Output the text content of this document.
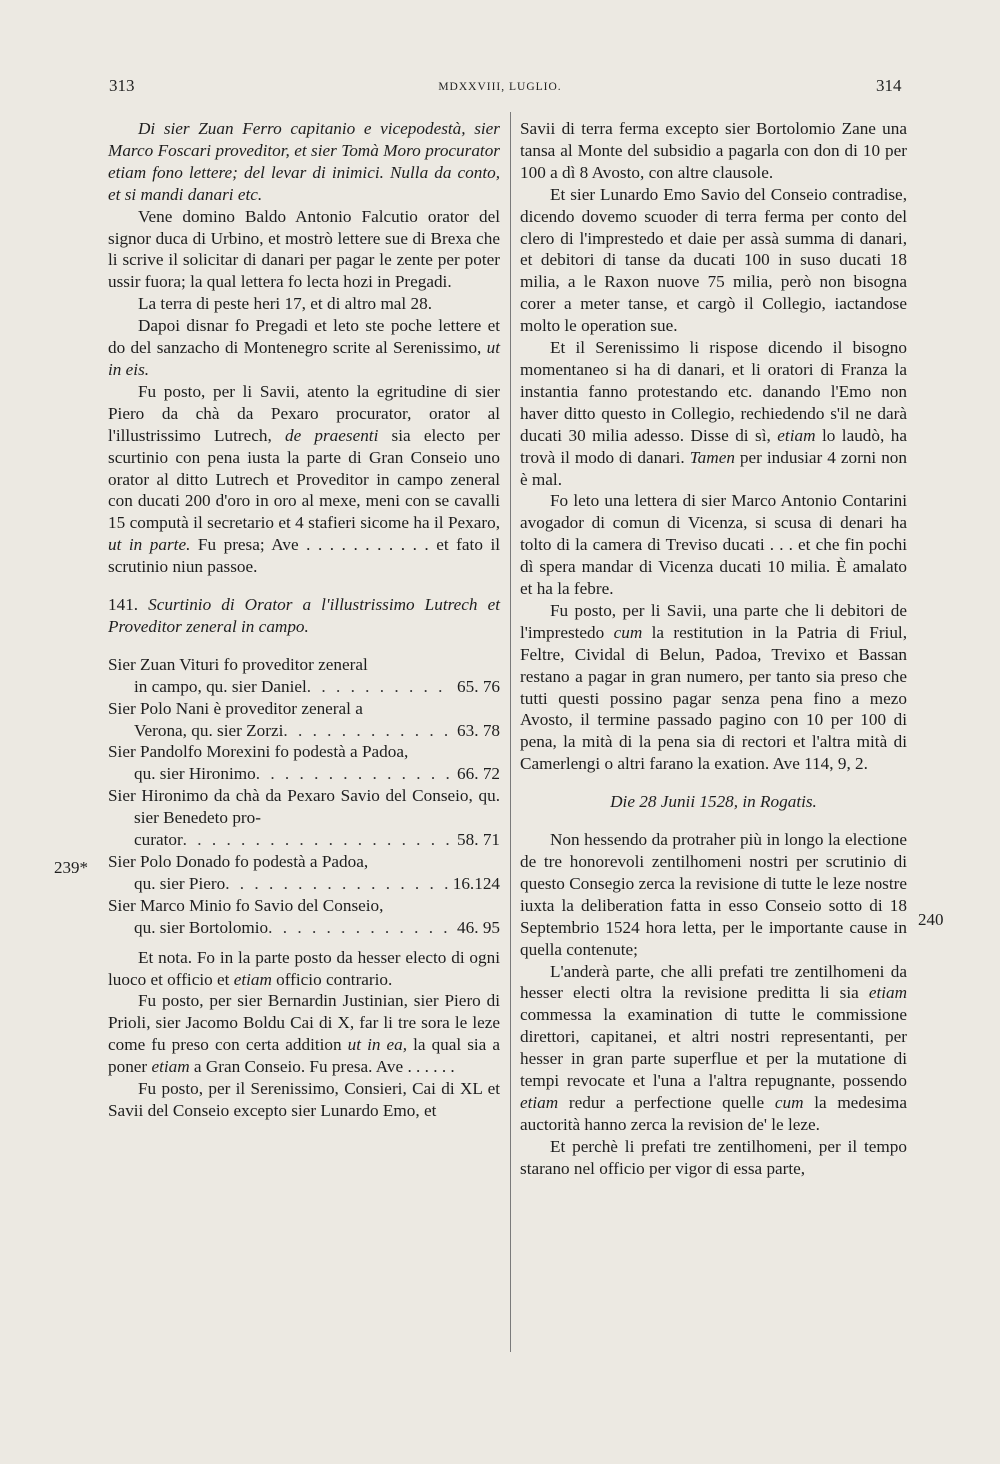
313	MDXXVIII, LUGLIO.	314
239*
240

Di sier Zuan Ferro capitanio e vicepodestà, sier Marco Foscari proveditor, et sier Tomà Moro procurator etiam fono lettere; del levar di inimici. Nulla da conto, et si mandi danari etc.

Vene domino Baldo Antonio Falcutio orator del signor duca di Urbino, et mostrò lettere sue di Brexa che li scrive il solicitar di danari per pagar le zente per poter ussir fuora; la qual lettera fo lecta hozi in Pregadi.

La terra di peste heri 17, et di altro mal 28.

Dapoi disnar fo Pregadi et leto ste poche lettere et do del sanzacho di Montenegro scrite al Serenissimo, ut in eis.

Fu posto, per li Savii, atento la egritudine di sier Piero da chà da Pexaro procurator, orator al l'illustrissimo Lutrech, de praesenti sia electo per scurtinio con pena iusta la parte di Gran Conseio uno orator al ditto Lutrech et Proveditor in campo zeneral con ducati 200 d'oro in oro al mexe, meni con se cavalli 15 computà il secretario et 4 stafieri sicome ha il Pexaro, ut in parte. Fu presa; Ave . . . . . . . . . . . et fato il scrutinio niun passoe.

141. Scurtinio di Orator a l'illustrissimo Lutrech et Proveditor zeneral in campo.

Sier Zuan Vituri fo proveditor zeneral
in campo, qu. sier Daniel . . .	65. 76
Sier Polo Nani è proveditor zeneral a
Verona, qu. sier Zorzi . . .	63. 78
Sier Pandolfo Morexini fo podestà a Padoa,
qu. sier Hironimo . . .	66. 72
Sier Hironimo da chà da Pexaro Savio del Conseio, qu. sier Benedeto pro-
curator . . .	58. 71
Sier Polo Donado fo podestà a Padoa,
qu. sier Piero . . .	16.124
Sier Marco Minio fo Savio del Conseio,
qu. sier Bortolomio . . .	46. 95

Et nota. Fo in la parte posto da hesser electo di ogni luoco et officio et etiam officio contrario.

Fu posto, per sier Bernardin Justinian, sier Piero di Prioli, sier Jacomo Boldu Cai di X, far li tre sora le leze come fu preso con certa addition ut in ea, la qual sia a poner etiam a Gran Conseio. Fu presa. Ave . . . . . .

Fu posto, per il Serenissimo, Consieri, Cai di XL et Savii del Conseio excepto sier Lunardo Emo, et

Savii di terra ferma excepto sier Bortolomio Zane una tansa al Monte del subsidio a pagarla con don di 10 per 100 a dì 8 Avosto, con altre clausole.

Et sier Lunardo Emo Savio del Conseio contradise, dicendo dovemo scuoder di terra ferma per conto del clero di l'imprestedo et daie per assà summa di danari, et debitori di tanse da ducati 100 in suso ducati 18 milia, a le Raxon nuove 75 milia, però non bisogna corer a meter tanse, et cargò il Collegio, iactandose molto le operation sue.

Et il Serenissimo li rispose dicendo il bisogno momentaneo si ha di danari, et li oratori di Franza la instantia fanno protestando etc. danando l'Emo non haver ditto questo in Collegio, rechiedendo s'il ne darà ducati 30 milia adesso. Disse di sì, etiam lo laudò, ha trovà il modo di danari. Tamen per indusiar 4 zorni non è mal.

Fo leto una lettera di sier Marco Antonio Contarini avogador di comun di Vicenza, si scusa di denari ha tolto di la camera di Treviso ducati . . . et che fin pochi dì spera mandar di Vicenza ducati 10 milia. È amalato et ha la febre.

Fu posto, per li Savii, una parte che li debitori de l'imprestedo cum la restitution in la Patria di Friul, Feltre, Cividal di Belun, Padoa, Trevixo et Bassan restano a pagar in gran numero, per tanto sia preso che tutti questi possino pagar senza pena fino a mezo Avosto, il termine passado pagino con 10 per 100 di pena, la mità di la pena sia di rectori et l'altra mità di Camerlengi o altri farano la exation. Ave 114, 9, 2.

Die 28 Junii 1528, in Rogatis.

Non hessendo da protraher più in longo la electione de tre honorevoli zentilhomeni nostri per scrutinio di questo Consegio zerca la revisione di tutte le leze nostre iuxta la deliberation fatta in esso Conseio sotto di 18 Septembrio 1524 hora letta, per le importante cause in quella contenute;

L'anderà parte, che alli prefati tre zentilhomeni da hesser electi oltra la revisione preditta li sia etiam commessa la examination di tutte le commissione direttori, capitanei, et altri nostri representanti, per hesser in gran parte superflue et per la mutatione di tempi revocate et l'una a l'altra repugnante, possendo etiam redur a perfectione quelle cum la medesima auctorità hanno zerca la revision de' le leze.

Et perchè li prefati tre zentilhomeni, per il tempo starano nel officio per vigor di essa parte,
